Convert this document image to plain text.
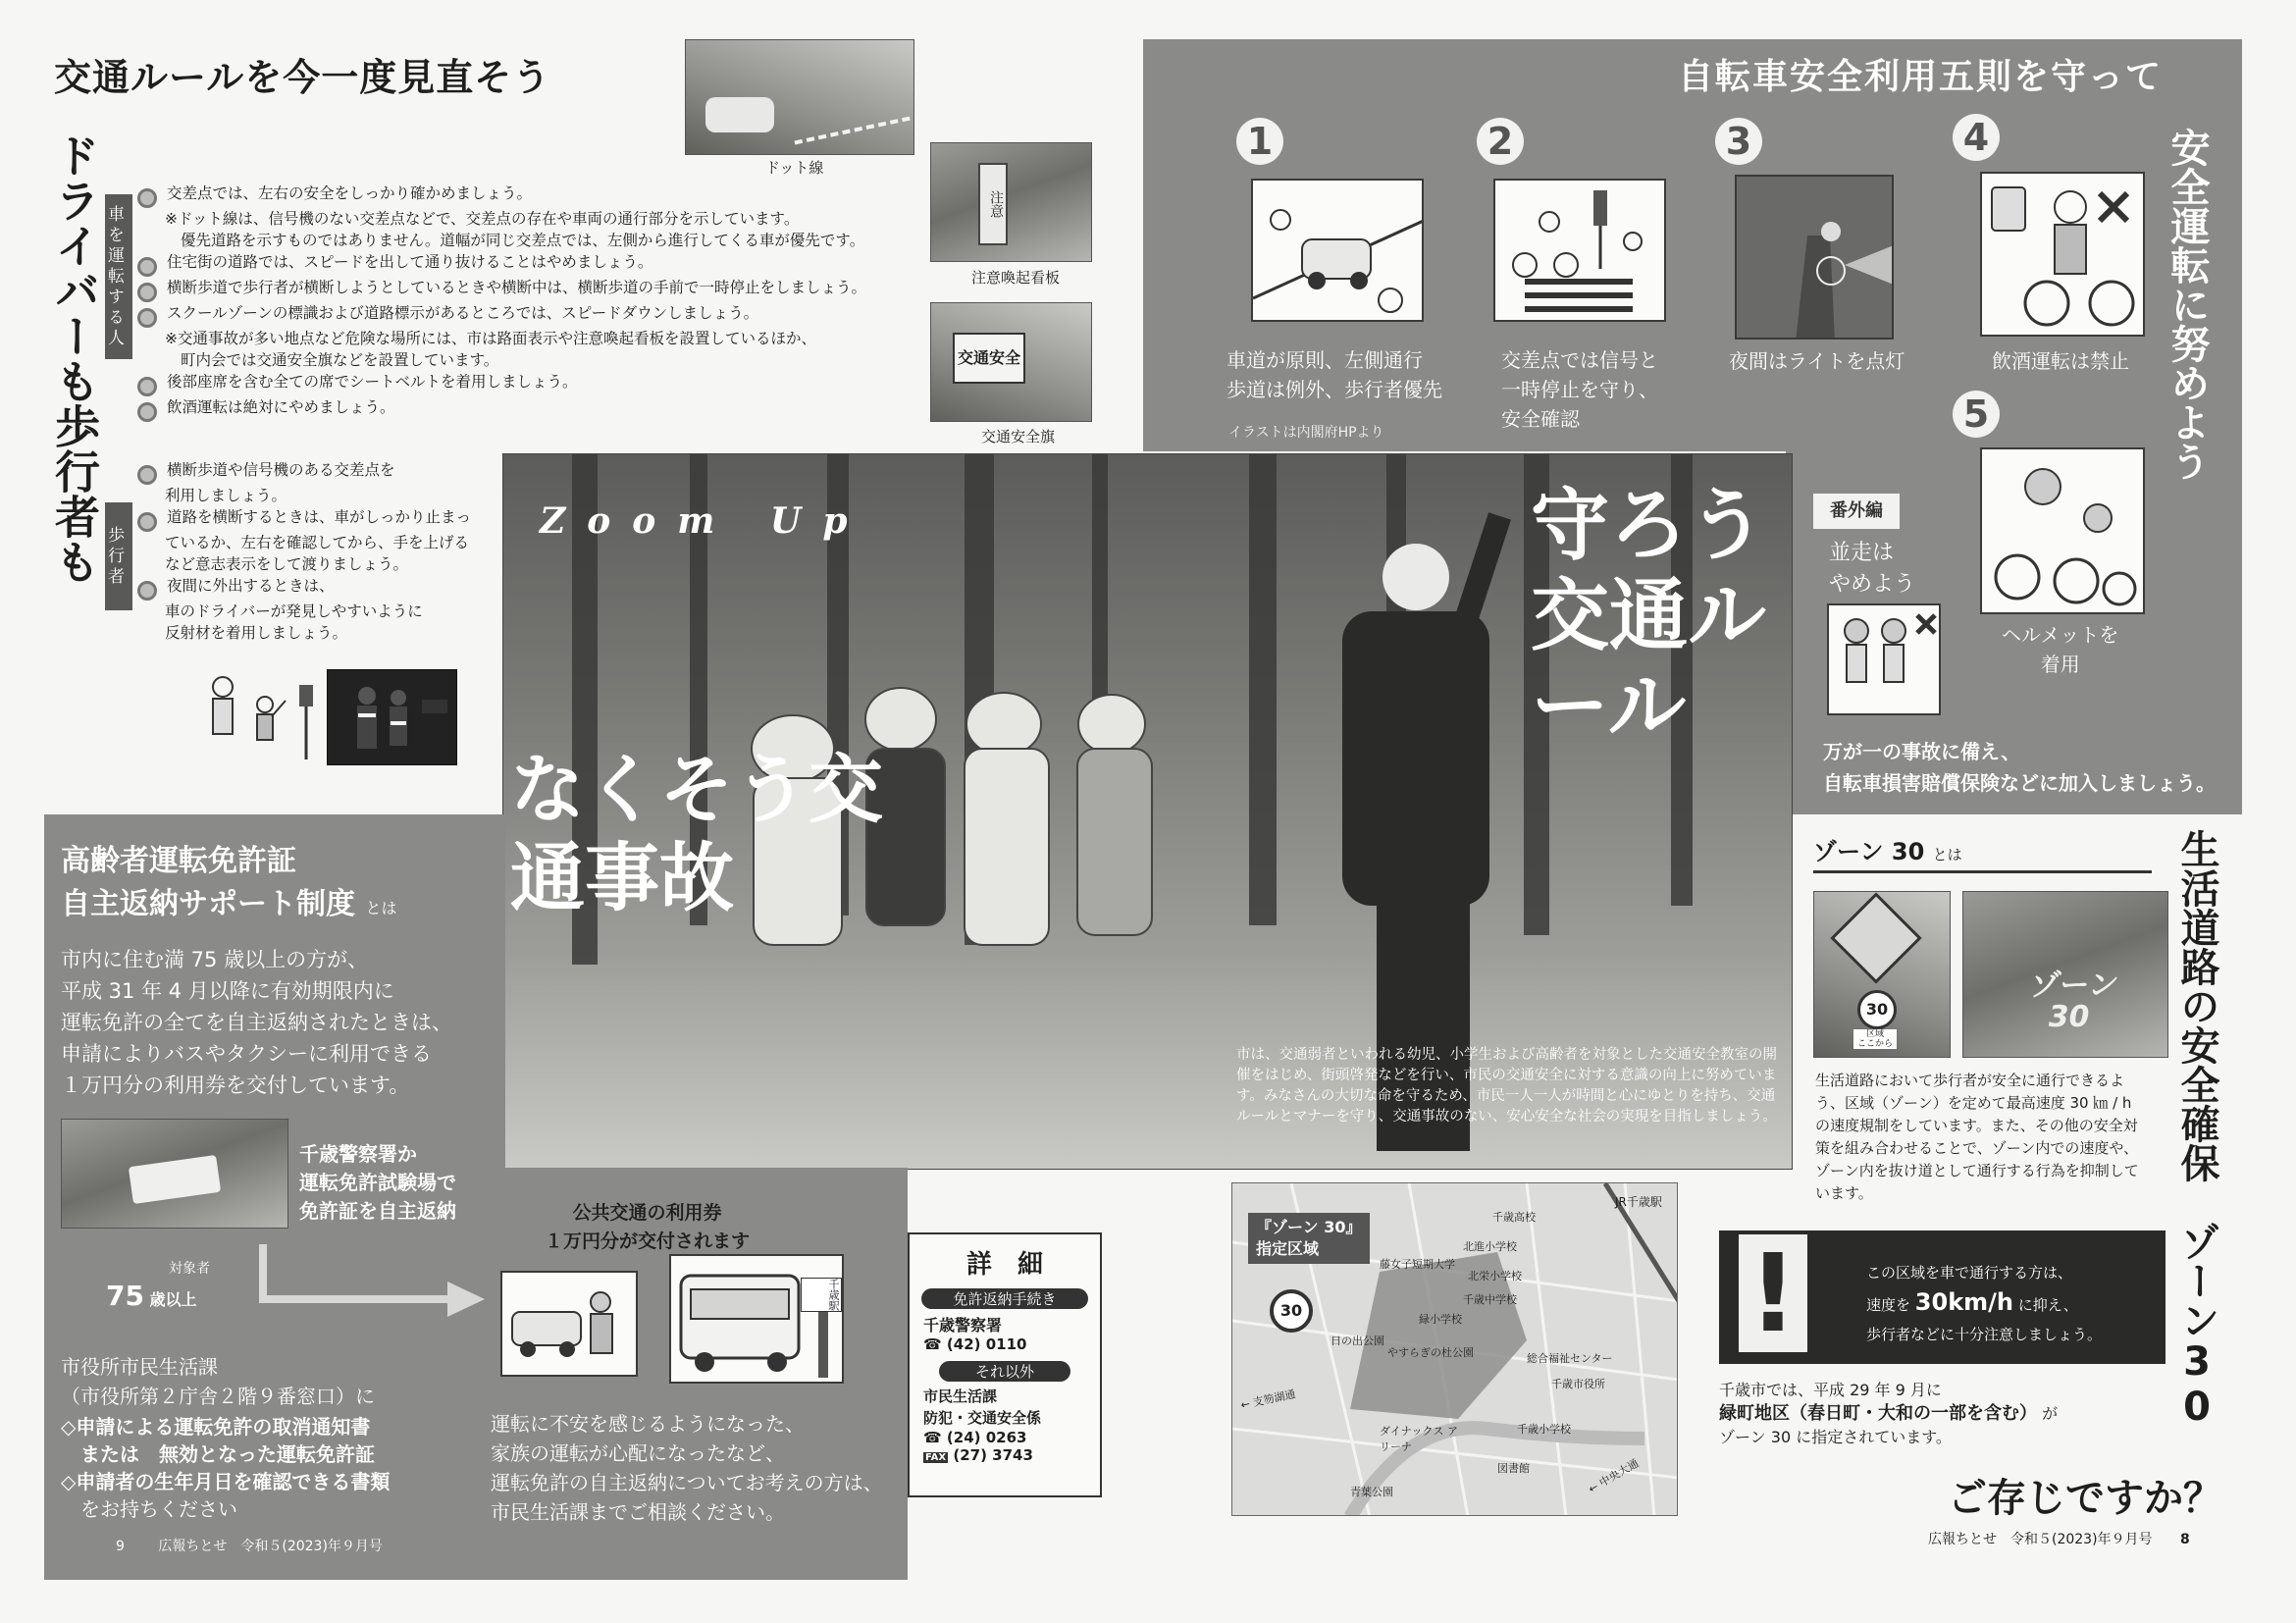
交通ルールを今一度見直そう
ドライバーも歩行者も	ドット線
注意
注意喚起看板
交通安全
交通安全旗
車を運転する人
交差点では、左右の安全をしっかり確かめましょう。
※ドット線は、信号機のない交差点などで、交差点の存在や車両の通行部分を示しています。
優先道路を示すものではありません。道幅が同じ交差点では、左側から進行してくる車が優先です。
住宅街の道路では、スピードを出して通り抜けることはやめましょう。
横断歩道で歩行者が横断しようとしているときや横断中は、横断歩道の手前で一時停止をしましょう。
スクールゾーンの標識および道路標示があるところでは、スピードダウンしましょう。
※交通事故が多い地点など危険な場所には、市は路面表示や注意喚起看板を設置しているほか、
町内会では交通安全旗などを設置しています。
後部座席を含む全ての席でシートベルトを着用しましょう。
飲酒運転は絶対にやめましょう。
歩行者
横断歩道や信号機のある交差点を
利用しましょう。
道路を横断するときは、車がしっかり止まっ
ているか、左右を確認してから、手を上げる
など意志表示をして渡りましょう。
夜間に外出するときは、
車のドライバーが発見しやすいように
反射材を着用しましょう。
自転車安全利用五則を守って
安全運転に努めよう
1
車道が原則、左側通行
歩道は例外、歩行者優先
イラストは内閣府HPより
2
交差点では信号と
一時停止を守り、
安全確認
3
夜間はライトを点灯
4
飲酒運転は禁止
5
ヘルメットを
着用
番外編
並走は
やめよう
万が一の事故に備え、
自転車損害賠償保険などに加入しましょう。
Zoom Up	守ろう交通ルール
なくそう交通事故
市は、交通弱者といわれる幼児、小学生および高齢者を対象とした交通安全教室の開催をはじめ、街頭啓発などを行い、市民の交通安全に対する意識の向上に努めています。みなさんの大切な命を守るため、市民一人一人が時間と心にゆとりを持ち、交通ルールとマナーを守り、交通事故のない、安心安全な社会の実現を目指しましょう。
高齢者運転免許証
自主返納サポート制度 とは
市内に住む満 75 歳以上の方が、
平成 31 年 4 月以降に有効期限内に
運転免許の全てを自主返納されたときは、
申請によりバスやタクシーに利用できる
１万円分の利用券を交付しています。
千歳警察署か
運転免許試験場で
免許証を自主返納
対象者
75 歳以上
公共交通の利用券
１万円分が交付されます
千歳駅
市役所市民生活課
（市役所第２庁舎２階９番窓口）に
◇申請による運転免許の取消通知書
　または　無効となった運転免許証
◇申請者の生年月日を確認できる書類
　をお持ちください
運転に不安を感じるようになった、
家族の運転が心配になったなど、
運転免許の自主返納についてお考えの方は、
市民生活課までご相談ください。
詳　細
免許返納手続き
千歳警察署
☎ (42) 0110
それ以外
市民生活課
防犯・交通安全係
☎ (24) 0263
FAX (27) 3743
ゾーン 30 とは	生活道路の安全確保　ゾーン30
30
区域
ここから
ゾーン
30
生活道路において歩行者が安全に通行できるよう、区域（ゾーン）を定めて最高速度 30 ㎞ / h の速度規制をしています。また、その他の安全対策を組み合わせることで、ゾーン内での速度や、ゾーン内を抜け道として通行する行為を抑制しています。
!	この区域を車で通行する方は、
速度を 30km/h に抑え、
歩行者などに十分注意しましょう。
千歳市では、平成 29 年 9 月に
緑町地区（春日町・大和の一部を含む） が
ゾーン 30 に指定されています。
ご存じですか？
『ゾーン 30』
指定区域
30
千歳高校
北進小学校
北栄小学校
緑小学校
藤女子短期大学
やすらぎの杜公園
日の出公園
総合福祉センター
千歳市役所
千歳小学校
ダイナックス アリーナ
図書館
青葉公園
JR千歳駅
千歳中学校
← 支笏湖通
← 中央大通
9 広報ちとせ　令和５(2023)年９月号	広報ちとせ　令和５(2023)年９月号 8
